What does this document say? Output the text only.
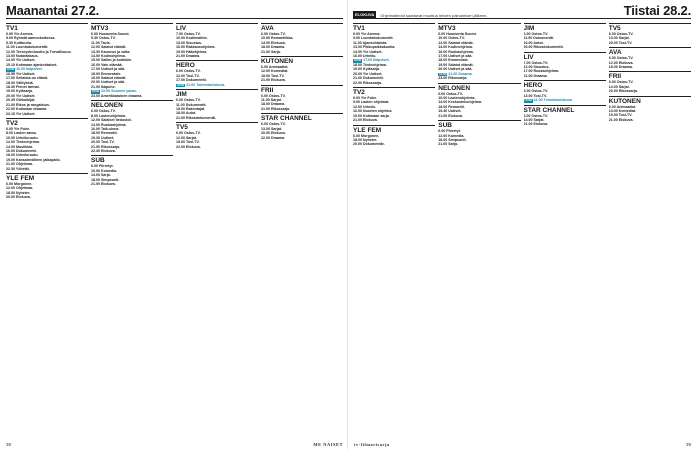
Maanantai 27.2.
TV1
6.00 Yle Areena.
9.00 Ryhmät aamunkoitossa.
9.30 Kulttuuria.
11.00 Luontodokumentti.
12.00 Terveydenhuolto ja Turvallisuus.
13.00 Nutarakkaus.
14.00 Yle Uutiset.
15.10 Kotimaan ajankohtaiset.
UUSI 16.00 Ikäpolvet.
16.55 Yle Uutiset.
17.00 Sellaista on elämä.
18.00 Välityksiä.
18.30 Pienet tarinat.
19.00 Kyläsarja.
20.00 Yle Uutiset.
20.35 Ohikulkijat.
21.00 Rikos ja rangaistus.
22.00 Kotimaan draama.
23.15 Yle Uutiset.
TV2
6.00 Yle Puhe.
8.00 Lasten aamu.
10.00 Urheiluruutu.
12.00 Tiedeohjelma.
14.00 Musiikkia.
16.00 Dokumentti.
18.00 Urheiluruutu.
19.00 Kansainvälinen jalkapallo.
21.00 Ohjelmaa.
22.30 Yöhetki.
YLE FEM
6.00 Morgonen.
12.00 Ohjelmaa.
18.00 Nyheter.
20.00 Elokuva.
MTV3
6.00 Huomenta Suomi.
9.30 Ostos-TV.
11.00 Tavis.
12.00 Salatut elämät.
13.30 Kauneus ja valta.
14.00 Kodinohjelma.
15.00 Sallim ja kodinkin.
16.00 Vain elämää.
17.00 Uutiset ja sää.
18.00 Emmerdale.
19.00 Salatut elämät.
20.00 Uutiset ja sää.
21.00 Ikäpuhe.
UUSI 22.00 Suomen paras.
23.00 Amerikkalainen draama.
NELONEN
6.00 Ostos-TV.
8.00 Lastenohjelmia.
12.00 Salaiset tiedostot.
14.00 Ruokaohjelma.
16.00 Talk-show.
18.00 Remontti.
19.30 Uutiset.
20.00 Tosi-TV.
21.00 Rikossarja.
22.30 Elokuva.
SUB
6.00 Piirretyt.
10.00 Komedia.
14.00 Sarja.
18.00 Simpsonit.
21.00 Elokuva.
LIV
7.00 Ostos-TV.
10.00 Kodinvaihto.
13.00 Sisustus.
16.00 Rakkausohjelma.
19.00 Hääohjelma.
21.00 Draama.
HERO
6.00 Ostos-TV.
12.00 Tosi-TV.
17.00 Dokumentti.
UUSI 21.00 Toimintaelokuva.
JIM
6.00 Ostos-TV.
11.00 Dokumentti.
15.00 Rakentajat.
18.00 Autot.
21.00 Rikosdokumentti.
TV5
6.00 Ostos-TV.
12.00 Sarjat.
19.00 Tosi-TV.
22.00 Elokuva.
AVA
6.00 Ostos-TV.
10.00 Romantiikka.
14.00 Elokuva.
18.00 Draama.
21.00 Sarja.
KUTONEN
6.00 Animaatiot.
12.00 Komediat.
18.00 Tosi-TV.
21.00 Elokuva.
FRII
6.00 Ostos-TV.
11.00 Sarjat.
18.00 Draama.
21.00 Rikossarja.
STAR CHANNEL
6.00 Ostos-TV.
13.00 Sarjat.
20.00 Elokuva.
22.00 Draama.
38	ME NAISET
ELOKUVA	Ohjelmatiedot saattavat muuttua lehden painamisen jälkeen.	Tiistai 28.2.
TV1
6.00 Yle Areena.
9.00 Luontodokumentti.
11.00 Ajankohtaista.
13.00 Pikkupaikkakuntia.
14.00 Yle Uutiset.
16.00 Urheilu.
UUSI 17.00 Ikäpolvet.
18.00 Tiedeohjelma.
19.00 Kyläsarja.
20.00 Yle Uutiset.
21.00 Dokumentti.
22.00 Rikossarja.
TV2
6.00 Yle Puhe.
9.00 Lasten ohjelmat.
12.00 Urheilu.
16.00 Nuorten ohjelma.
19.00 Kotimaan sarja.
21.00 Elokuva.
YLE FEM
6.00 Morgonen.
18.00 Nyheter.
20.00 Dokumentär.
MTV3
6.00 Huomenta Suomi.
10.00 Ostos-TV.
12.00 Salatut elämät.
14.00 Kodinohjelma.
16.00 Ruokaohjelma.
17.00 Uutiset ja sää.
18.00 Emmerdale.
19.00 Salatut elämät.
20.00 Uutiset ja sää.
UUSI 21.00 Draama.
23.00 Rikossarja.
NELONEN
6.00 Ostos-TV.
10.00 Lastenohjelmia.
14.00 Keskusteluohjelma.
18.00 Remontti.
19.30 Uutiset.
21.00 Elokuva.
SUB
6.00 Piirretyt.
12.00 Komedia.
18.00 Simpsonit.
21.00 Sarja.
JIM
6.00 Ostos-TV.
11.00 Dokumentti.
16.00 Autot.
20.00 Rikosdokumentti.
LIV
7.00 Ostos-TV.
12.00 Sisustus.
17.00 Ruokaohjelma.
21.00 Draama.
HERO
6.00 Ostos-TV.
13.00 Tosi-TV.
UUSI 21.00 Toimintaelokuva.
STAR CHANNEL
6.00 Ostos-TV.
14.00 Sarjat.
21.00 Elokuva.
TV5
6.00 Ostos-TV.
13.00 Sarjat.
20.00 Tosi-TV.
AVA
6.00 Ostos-TV.
12.00 Elokuva.
18.00 Draama.
FRII
6.00 Ostos-TV.
14.00 Sarjat.
20.00 Rikossarja.
KUTONEN
6.00 Animaatiot.
13.00 Komediat.
19.00 Tosi-TV.
21.00 Elokuva.
tv-filmarisarja	39
